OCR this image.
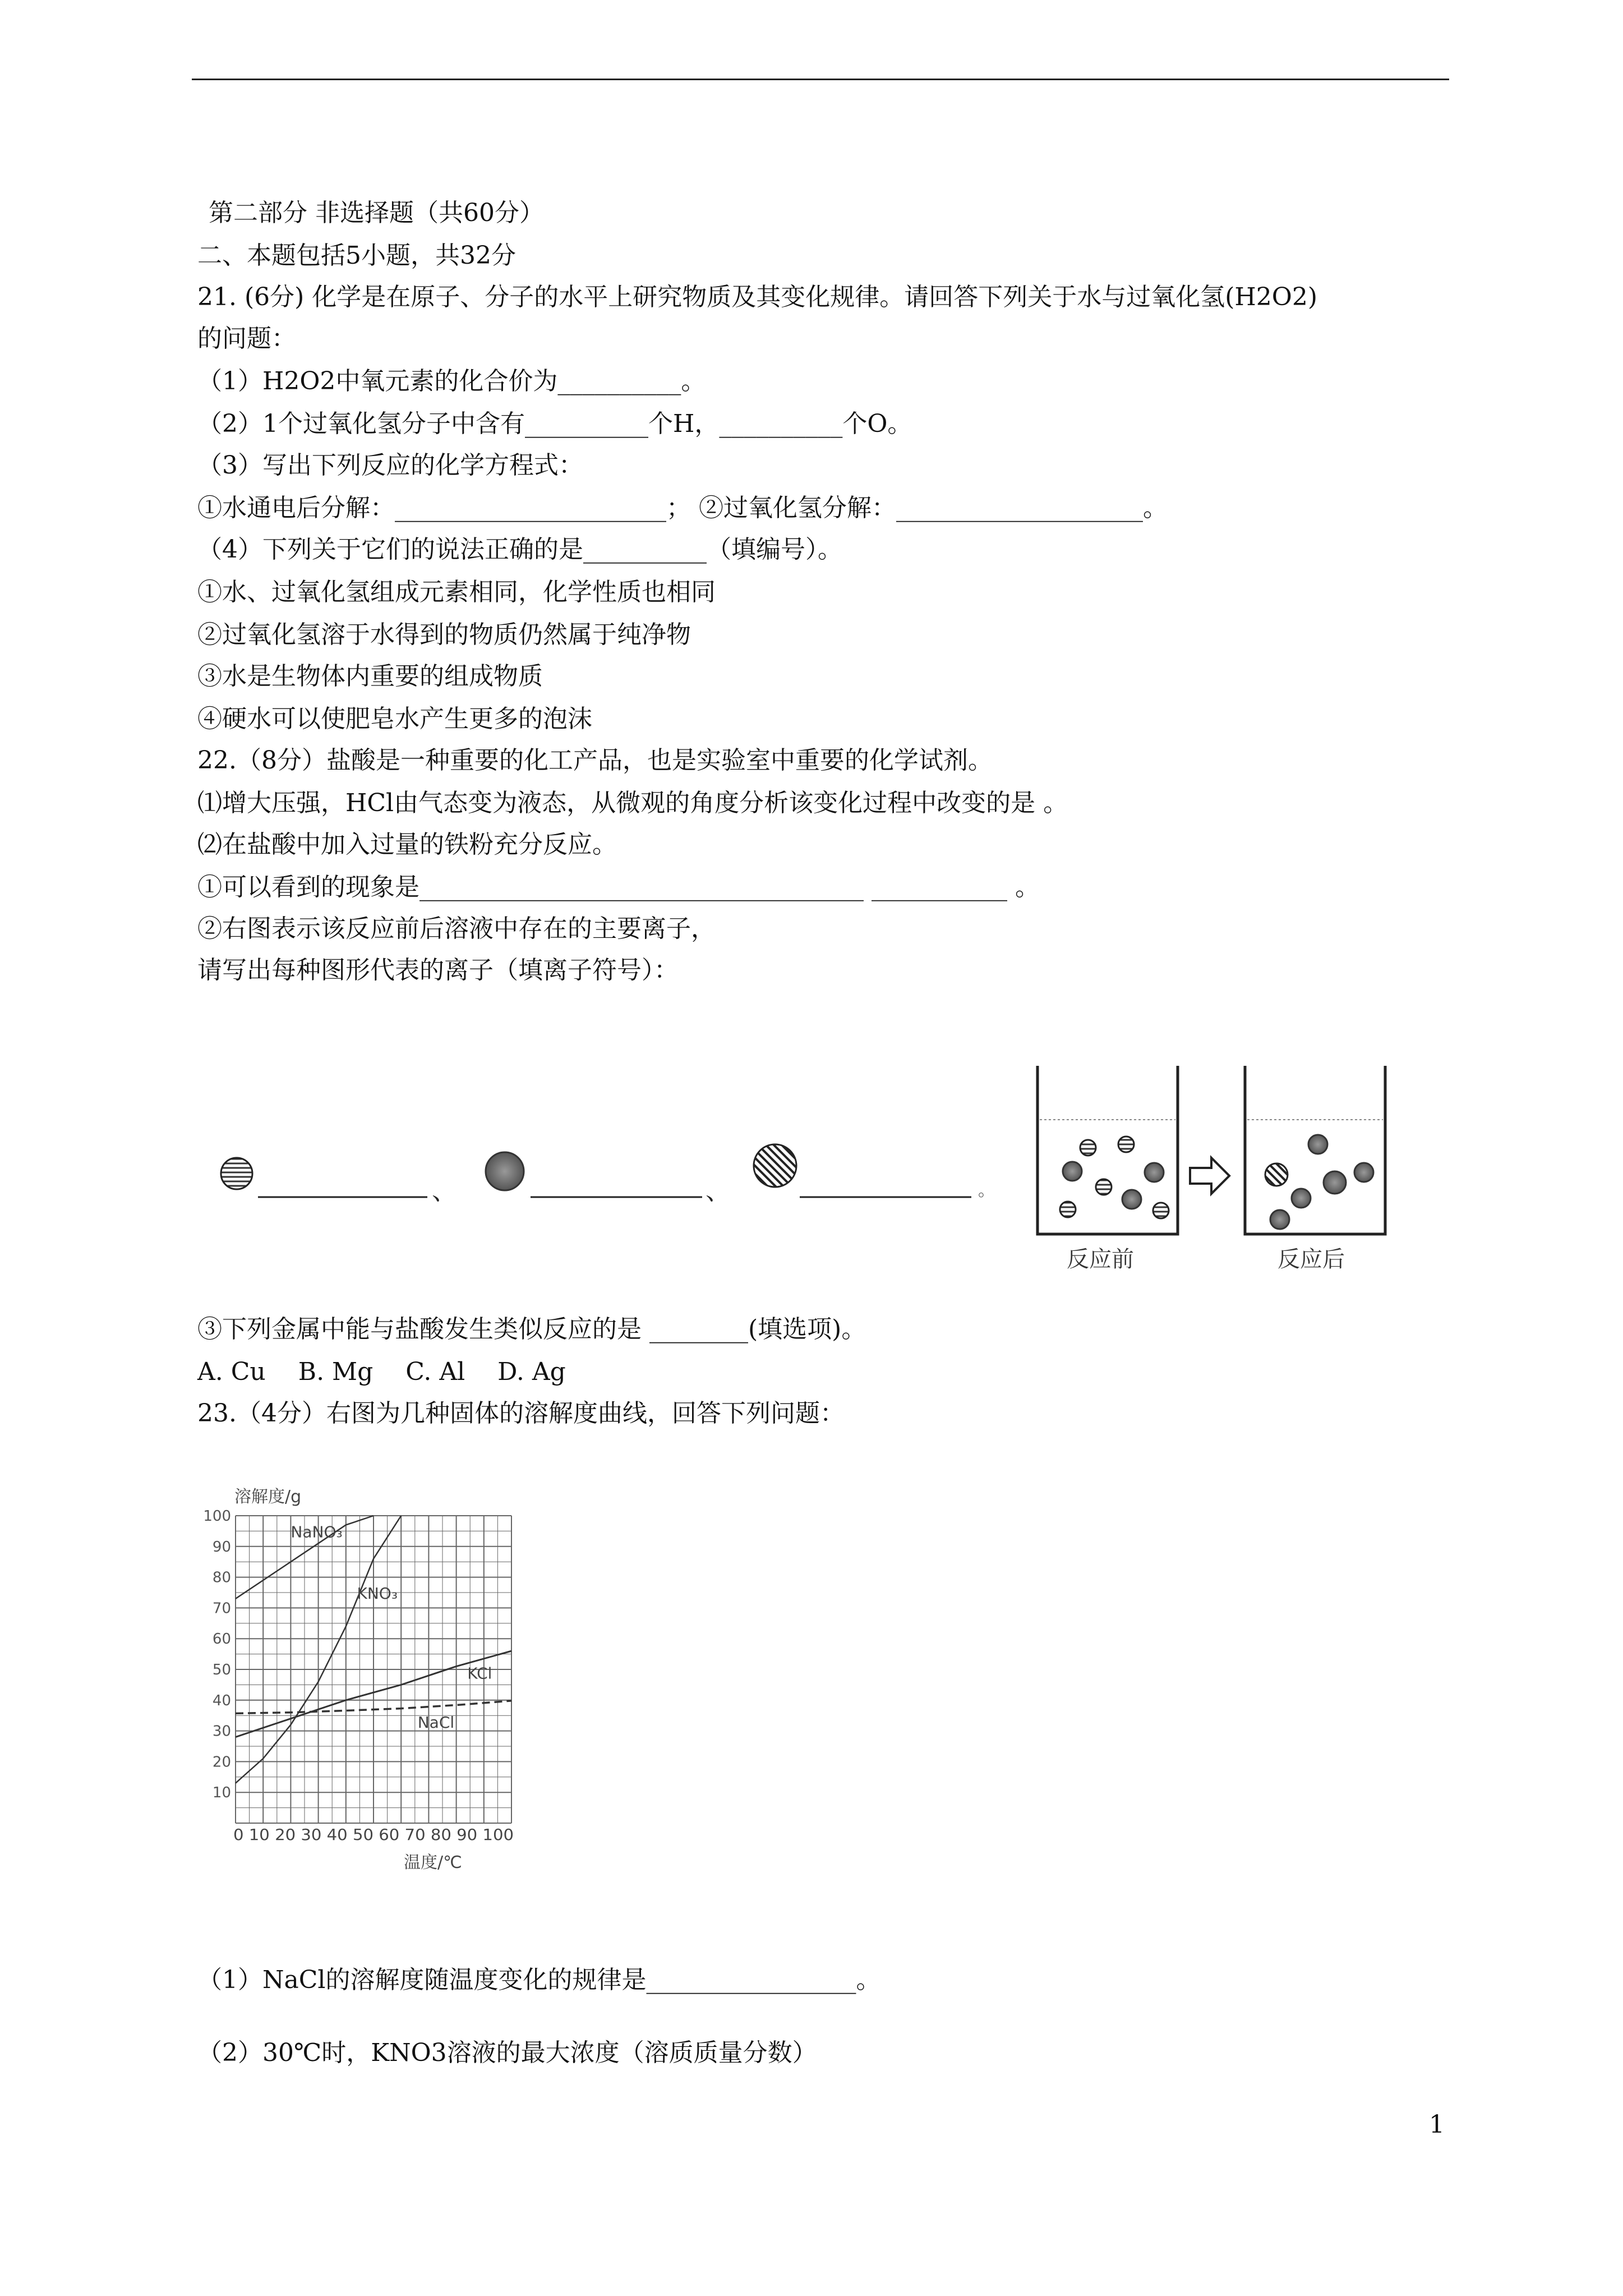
第二部分 非选择题（共60分）
二、本题包括5小题，共32分
21. (6分) 化学是在原子、分子的水平上研究物质及其变化规律。请回答下列关于水与过氧化氢(H2O2)
的问题：
（1）H2O2中氧元素的化合价为__________。
（2）1个过氧化氢分子中含有__________个H，__________个O。
（3）写出下列反应的化学方程式：
①水通电后分解：______________________； ②过氧化氢分解：____________________。
（4）下列关于它们的说法正确的是__________（填编号）。
①水、过氧化氢组成元素相同，化学性质也相同
②过氧化氢溶于水得到的物质仍然属于纯净物
③水是生物体内重要的组成物质
④硬水可以使肥皂水产生更多的泡沫
22.（8分）盐酸是一种重要的化工产品，也是实验室中重要的化学试剂。
⑴增大压强，HCl由气态变为液态，从微观的角度分析该变化过程中改变的是 。
⑵在盐酸中加入过量的铁粉充分反应。
①可以看到的现象是____________________________________ ___________ 。
②右图表示该反应前后溶液中存在的主要离子，
请写出每种图形代表的离子（填离子符号）：
、	、	。
反应前	反应后
③下列金属中能与盐酸发生类似反应的是 ________(填选项)。
A. Cu　 B. Mg　 C. Al　 D. Ag
23.（4分）右图为几种固体的溶解度曲线，回答下列问题：
溶解度/g
100
90
80
70
60
50
40
30
20
10
0 10 20 30 40 50 60 70 80 90 100
温度/℃
NaNO₃
KNO₃
KCl
NaCl
（1）NaCl的溶解度随温度变化的规律是_________________。
（2）30℃时，KNO3溶液的最大浓度（溶质质量分数）
1
